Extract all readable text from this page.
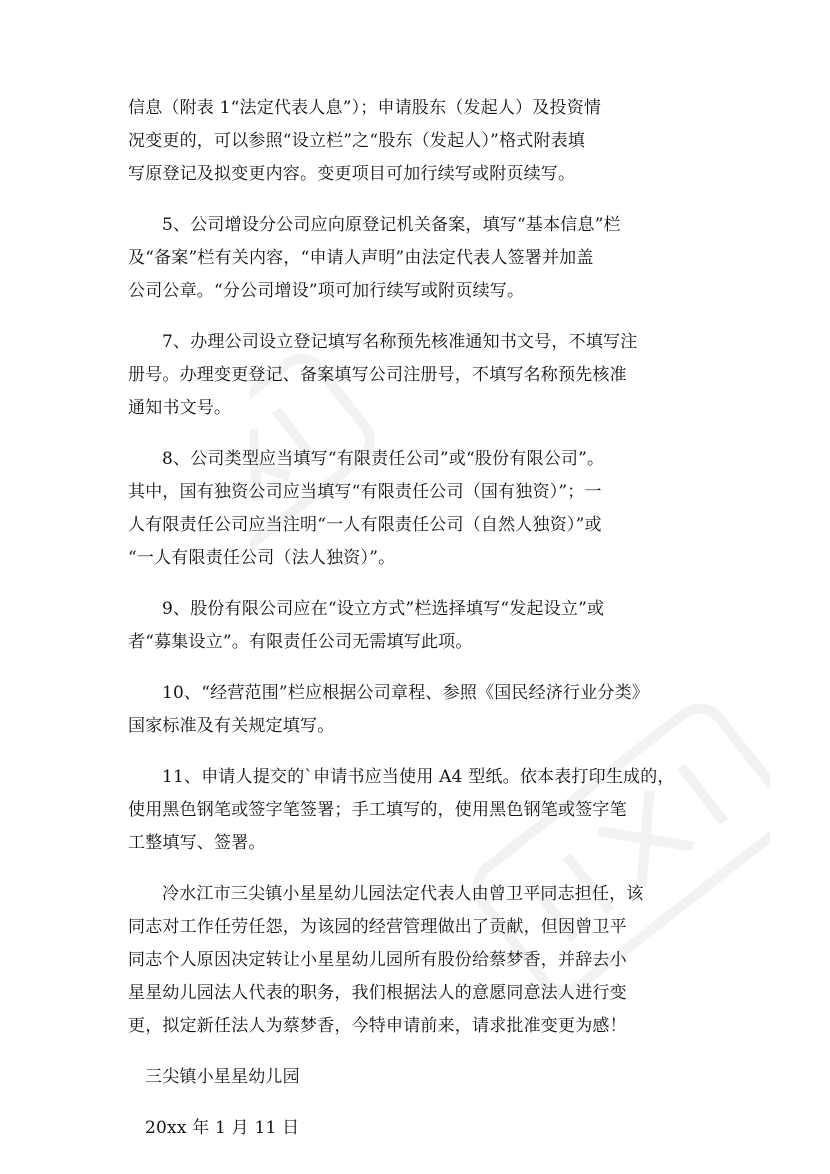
信息（附表 1“法定代表人息”）；申请股东（发起人）及投资情
况变更的，可以参照“设立栏”之“股东（发起人）”格式附表填
写原登记及拟变更内容。变更项目可加行续写或附页续写。

5、公司增设分公司应向原登记机关备案，填写“基本信息”栏
及“备案”栏有关内容，“申请人声明”由法定代表人签署并加盖
公司公章。“分公司增设”项可加行续写或附页续写。

7、办理公司设立登记填写名称预先核准通知书文号，不填写注
册号。办理变更登记、备案填写公司注册号，不填写名称预先核准
通知书文号。

8、公司类型应当填写“有限责任公司”或“股份有限公司”。
其中，国有独资公司应当填写“有限责任公司（国有独资）”；一
人有限责任公司应当注明“一人有限责任公司（自然人独资）”或
“一人有限责任公司（法人独资）”。

9、股份有限公司应在“设立方式”栏选择填写“发起设立”或
者“募集设立”。有限责任公司无需填写此项。

10、“经营范围”栏应根据公司章程、参照《国民经济行业分类》
国家标准及有关规定填写。

11、申请人提交的`申请书应当使用 A4 型纸。依本表打印生成的，
使用黑色钢笔或签字笔签署；手工填写的，使用黑色钢笔或签字笔
工整填写、签署。

冷水江市三尖镇小星星幼儿园法定代表人由曾卫平同志担任，该
同志对工作任劳任怨，为该园的经营管理做出了贡献，但因曾卫平
同志个人原因决定转让小星星幼儿园所有股份给蔡梦香，并辞去小
星星幼儿园法人代表的职务，我们根据法人的意愿同意法人进行变
更，拟定新任法人为蔡梦香，今特申请前来，请求批准变更为感！

三尖镇小星星幼儿园

20xx 年 1 月 11 日
